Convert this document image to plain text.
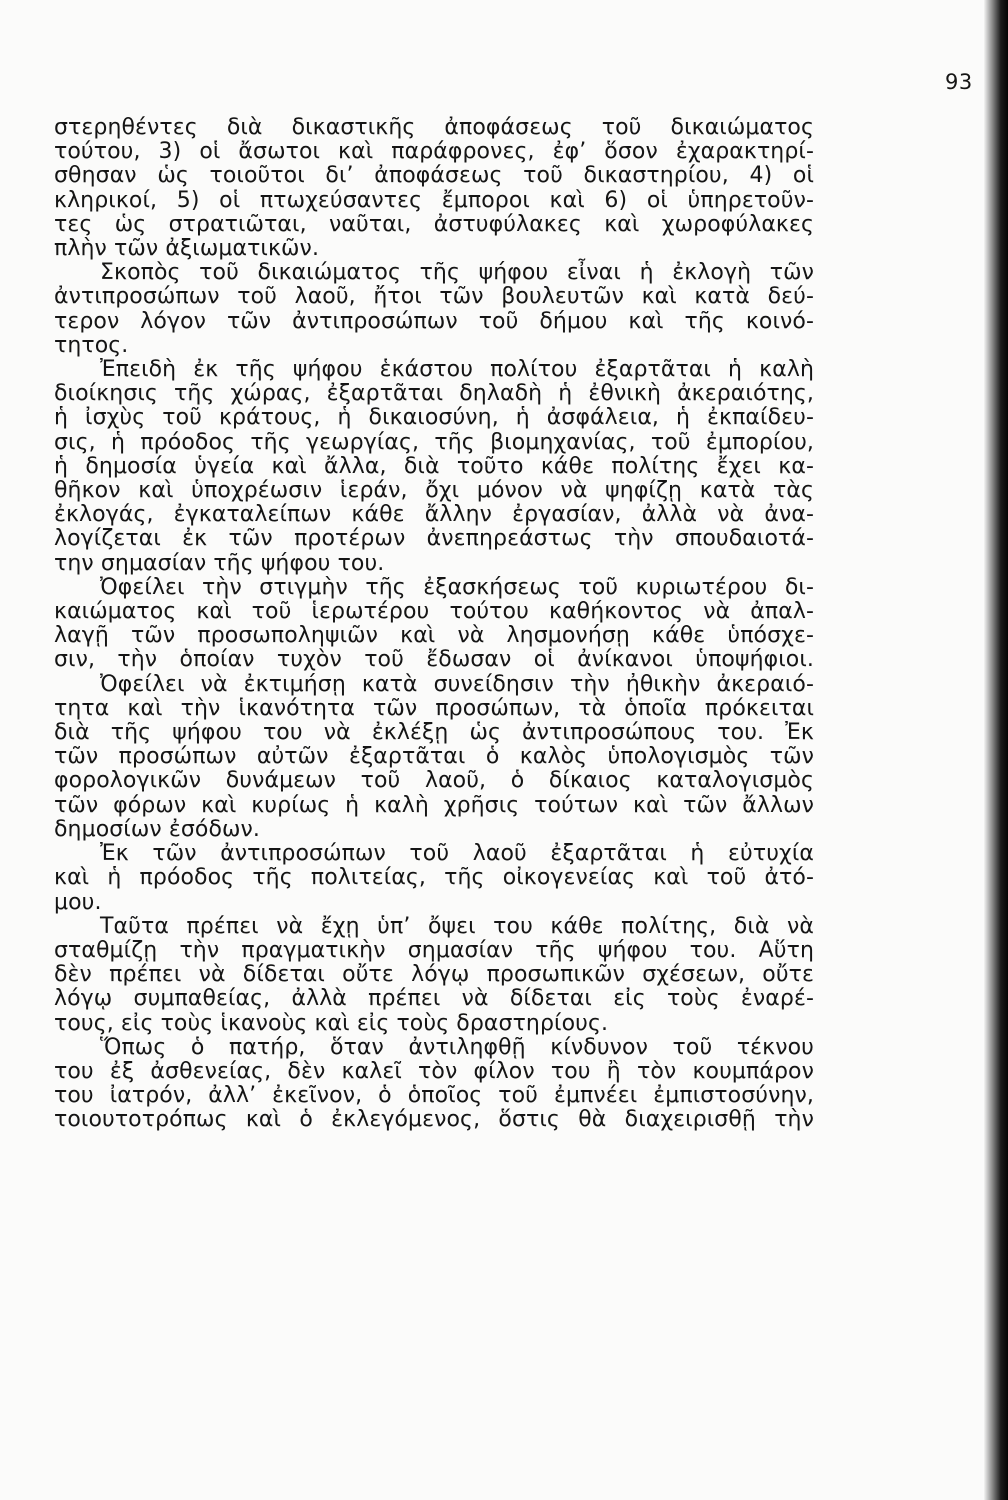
93
στερηθέντες διὰ δικαστικῆς ἀποφάσεως τοῦ δικαιώματος
τούτου, 3) οἱ ἄσωτοι καὶ παράφρονες, ἐφ’ ὅσον ἐχαρακτηρί-
σθησαν ὡς τοιοῦτοι δι’ ἀποφάσεως τοῦ δικαστηρίου, 4) οἱ
κληρικοί, 5) οἱ πτωχεύσαντες ἔμποροι καὶ 6) οἱ ὑπηρετοῦν-
τες ὡς στρατιῶται, ναῦται, ἀστυφύλακες καὶ χωροφύλακες
πλὴν τῶν ἀξιωματικῶν.
Σκοπὸς τοῦ δικαιώματος τῆς ψήφου εἶναι ἡ ἐκλογὴ τῶν
ἀντιπροσώπων τοῦ λαοῦ, ἤτοι τῶν βουλευτῶν καὶ κατὰ δεύ-
τερον λόγον τῶν ἀντιπροσώπων τοῦ δήμου καὶ τῆς κοινό-
τητος.
Ἐπειδὴ ἐκ τῆς ψήφου ἑκάστου πολίτου ἐξαρτᾶται ἡ καλὴ
διοίκησις τῆς χώρας, ἐξαρτᾶται δηλαδὴ ἡ ἐθνικὴ ἀκεραιότης,
ἡ ἰσχὺς τοῦ κράτους, ἡ δικαιοσύνη, ἡ ἀσφάλεια, ἡ ἐκπαίδευ-
σις, ἡ πρόοδος τῆς γεωργίας, τῆς βιομηχανίας, τοῦ ἐμπορίου,
ἡ δημοσία ὑγεία καὶ ἄλλα, διὰ τοῦτο κάθε πολίτης ἔχει κα-
θῆκον καὶ ὑποχρέωσιν ἱεράν, ὄχι μόνον νὰ ψηφίζῃ κατὰ τὰς
ἐκλογάς, ἐγκαταλείπων κάθε ἄλλην ἐργασίαν, ἀλλὰ νὰ ἀνα-
λογίζεται ἐκ τῶν προτέρων ἀνεπηρεάστως τὴν σπουδαιοτά-
την σημασίαν τῆς ψήφου του.
Ὀφείλει τὴν στιγμὴν τῆς ἐξασκήσεως τοῦ κυριωτέρου δι-
καιώματος καὶ τοῦ ἱερωτέρου τούτου καθήκοντος νὰ ἀπαλ-
λαγῇ τῶν προσωποληψιῶν καὶ νὰ λησμονήσῃ κάθε ὑπόσχε-
σιν, τὴν ὁποίαν τυχὸν τοῦ ἔδωσαν οἱ ἀνίκανοι ὑποψήφιοι.
Ὀφείλει νὰ ἐκτιμήσῃ κατὰ συνείδησιν τὴν ἠθικὴν ἀκεραιό-
τητα καὶ τὴν ἱκανότητα τῶν προσώπων, τὰ ὁποῖα πρόκειται
διὰ τῆς ψήφου του νὰ ἐκλέξῃ ὡς ἀντιπροσώπους του. Ἐκ
τῶν προσώπων αὐτῶν ἐξαρτᾶται ὁ καλὸς ὑπολογισμὸς τῶν
φορολογικῶν δυνάμεων τοῦ λαοῦ, ὁ δίκαιος καταλογισμὸς
τῶν φόρων καὶ κυρίως ἡ καλὴ χρῆσις τούτων καὶ τῶν ἄλλων
δημοσίων ἐσόδων.
Ἐκ τῶν ἀντιπροσώπων τοῦ λαοῦ ἐξαρτᾶται ἡ εὐτυχία
καὶ ἡ πρόοδος τῆς πολιτείας, τῆς οἰκογενείας καὶ τοῦ ἀτό-
μου.
Ταῦτα πρέπει νὰ ἔχῃ ὑπ’ ὄψει του κάθε πολίτης, διὰ νὰ
σταθμίζῃ τὴν πραγματικὴν σημασίαν τῆς ψήφου του. Αὕτη
δὲν πρέπει νὰ δίδεται οὔτε λόγῳ προσωπικῶν σχέσεων, οὔτε
λόγῳ συμπαθείας, ἀλλὰ πρέπει νὰ δίδεται εἰς τοὺς ἐναρέ-
τους, εἰς τοὺς ἱκανοὺς καὶ εἰς τοὺς δραστηρίους.
Ὅπως ὁ πατήρ, ὅταν ἀντιληφθῇ κίνδυνον τοῦ τέκνου
του ἐξ ἀσθενείας, δὲν καλεῖ τὸν φίλον του ἢ τὸν κουμπάρον
του ἰατρόν, ἀλλ’ ἐκεῖνον, ὁ ὁποῖος τοῦ ἐμπνέει ἐμπιστοσύνην,
τοιουτοτρόπως καὶ ὁ ἐκλεγόμενος, ὅστις θὰ διαχειρισθῇ τὴν
